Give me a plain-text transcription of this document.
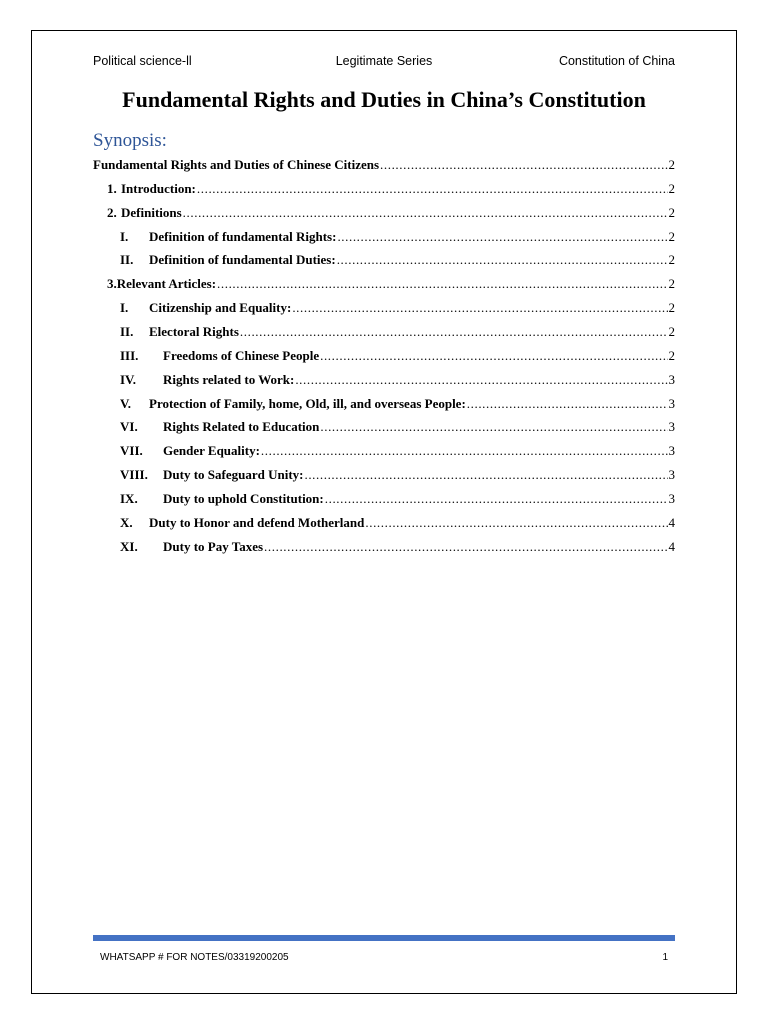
Political science-ll	Legitimate Series	Constitution of China
Fundamental Rights and Duties in China’s Constitution
Synopsis:
Fundamental Rights and Duties of Chinese Citizens .....	2
1. Introduction: .....	2
2. Definitions .....	2
I.	Definition of fundamental Rights: .....	2
II.	Definition of fundamental Duties: .....	2
3. Relevant Articles: .....	2
I.	Citizenship and Equality: .....	2
II.	Electoral Rights .....	2
III.	Freedoms of Chinese People .....	2
IV.	Rights related to Work: .....	3
V.	Protection of Family, home, Old, ill, and overseas People: .....	3
VI.	Rights Related to Education .....	3
VII.	Gender Equality: .....	3
VIII.	Duty to Safeguard Unity: .....	3
IX.	Duty to uphold Constitution: .....	3
X.	Duty to Honor and defend Motherland .....	4
XI.	Duty to Pay Taxes .....	4
WHATSAPP # FOR NOTES/03319200205	1
